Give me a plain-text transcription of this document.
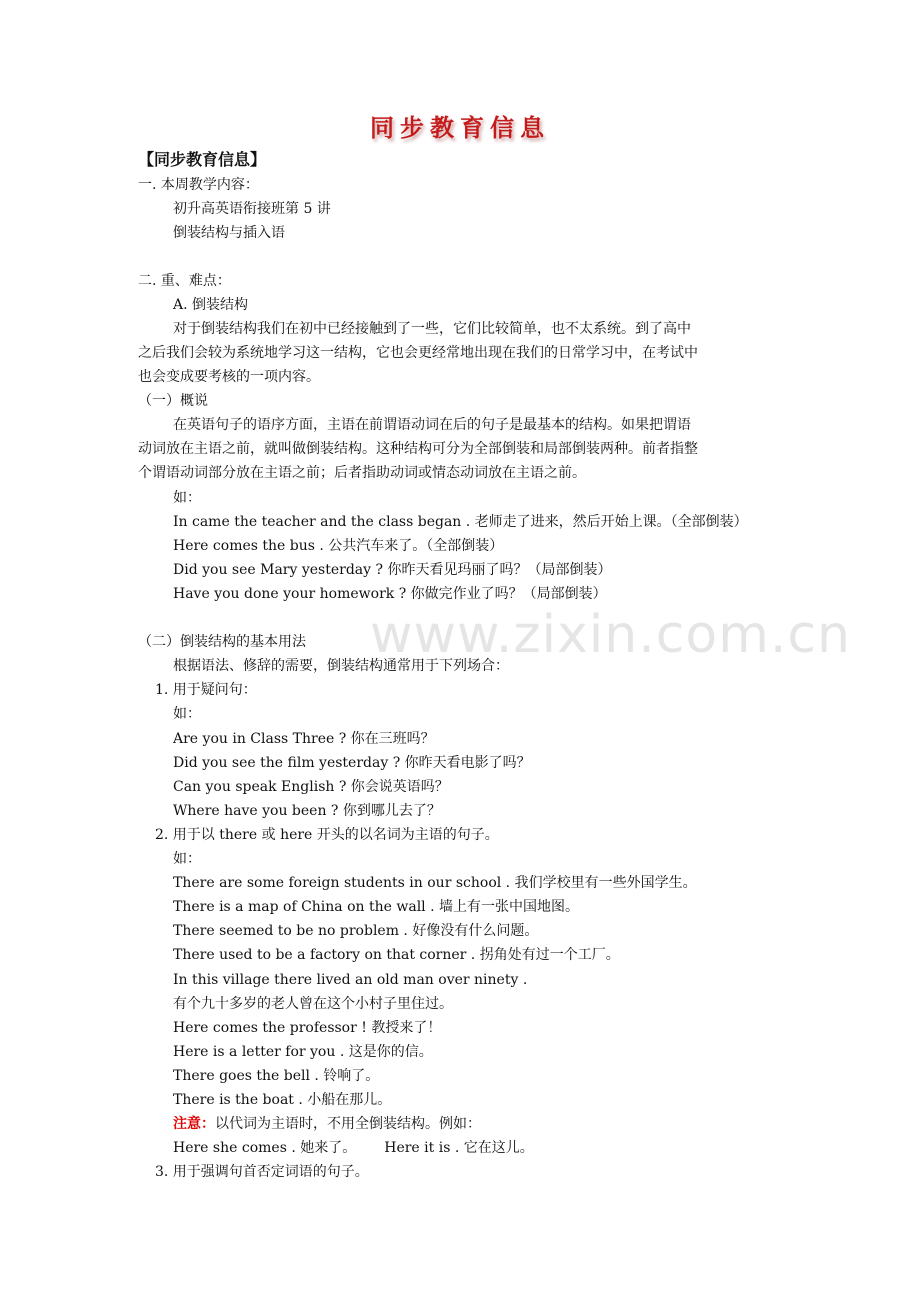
同步教育信息
【同步教育信息】
一. 本周教学内容：
初升高英语衔接班第 5 讲
倒装结构与插入语
二. 重、难点：
A. 倒装结构
对于倒装结构我们在初中已经接触到了一些，它们比较简单，也不太系统。到了高中
之后我们会较为系统地学习这一结构，它也会更经常地出现在我们的日常学习中，在考试中
也会变成要考核的一项内容。
（一）概说
在英语句子的语序方面，主语在前谓语动词在后的句子是最基本的结构。如果把谓语
动词放在主语之前，就叫做倒装结构。这种结构可分为全部倒装和局部倒装两种。前者指整
个谓语动词部分放在主语之前；后者指助动词或情态动词放在主语之前。
如：
In came the teacher and the class began . 老师走了进来，然后开始上课。（全部倒装）
Here comes the bus . 公共汽车来了。（全部倒装）
Did you see Mary yesterday ? 你昨天看见玛丽了吗？（局部倒装）
Have you done your homework ? 你做完作业了吗？（局部倒装）
www.zixin.com.cn
（二）倒装结构的基本用法
根据语法、修辞的需要，倒装结构通常用于下列场合：
1. 用于疑问句：
如：
Are you in Class Three ? 你在三班吗？
Did you see the film yesterday ? 你昨天看电影了吗？
Can you speak English ? 你会说英语吗？
Where have you been ? 你到哪儿去了？
2. 用于以 there 或 here 开头的以名词为主语的句子。
如：
There are some foreign students in our school . 我们学校里有一些外国学生。
There is a map of China on the wall . 墙上有一张中国地图。
There seemed to be no problem . 好像没有什么问题。
There used to be a factory on that corner . 拐角处有过一个工厂。
In this village there lived an old man over ninety .
有个九十多岁的老人曾在这个小村子里住过。
Here comes the professor ! 教授来了！
Here is a letter for you . 这是你的信。
There goes the bell . 铃响了。
There is the boat . 小船在那儿。
注意：以代词为主语时，不用全倒装结构。例如：
Here she comes . 她来了。 Here it is . 它在这儿。
3. 用于强调句首否定词语的句子。
